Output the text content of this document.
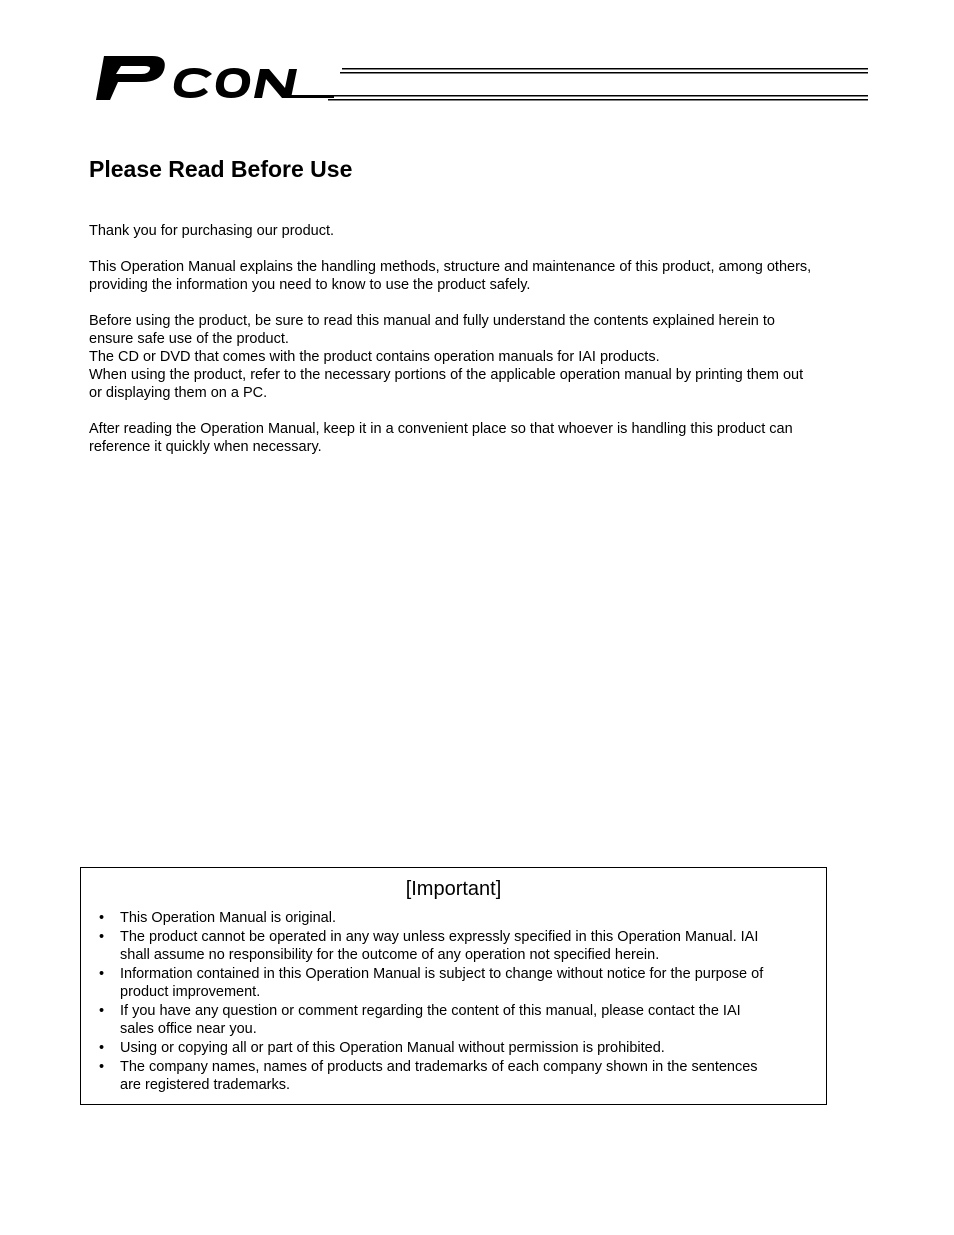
Please Read Before Use

Thank you for purchasing our product.

This Operation Manual explains the handling methods, structure and maintenance of this product, among others,
providing the information you need to know to use the product safely.

Before using the product, be sure to read this manual and fully understand the contents explained herein to
ensure safe use of the product.
The CD or DVD that comes with the product contains operation manuals for IAI products.
When using the product, refer to the necessary portions of the applicable operation manual by printing them out
or displaying them on a PC.

After reading the Operation Manual, keep it in a convenient place so that whoever is handling this product can
reference it quickly when necessary.

[Important]
• This Operation Manual is original.
• The product cannot be operated in any way unless expressly specified in this Operation Manual. IAI
shall assume no responsibility for the outcome of any operation not specified herein.
• Information contained in this Operation Manual is subject to change without notice for the purpose of
product improvement.
• If you have any question or comment regarding the content of this manual, please contact the IAI
sales office near you.
• Using or copying all or part of this Operation Manual without permission is prohibited.
• The company names, names of products and trademarks of each company shown in the sentences
are registered trademarks.
